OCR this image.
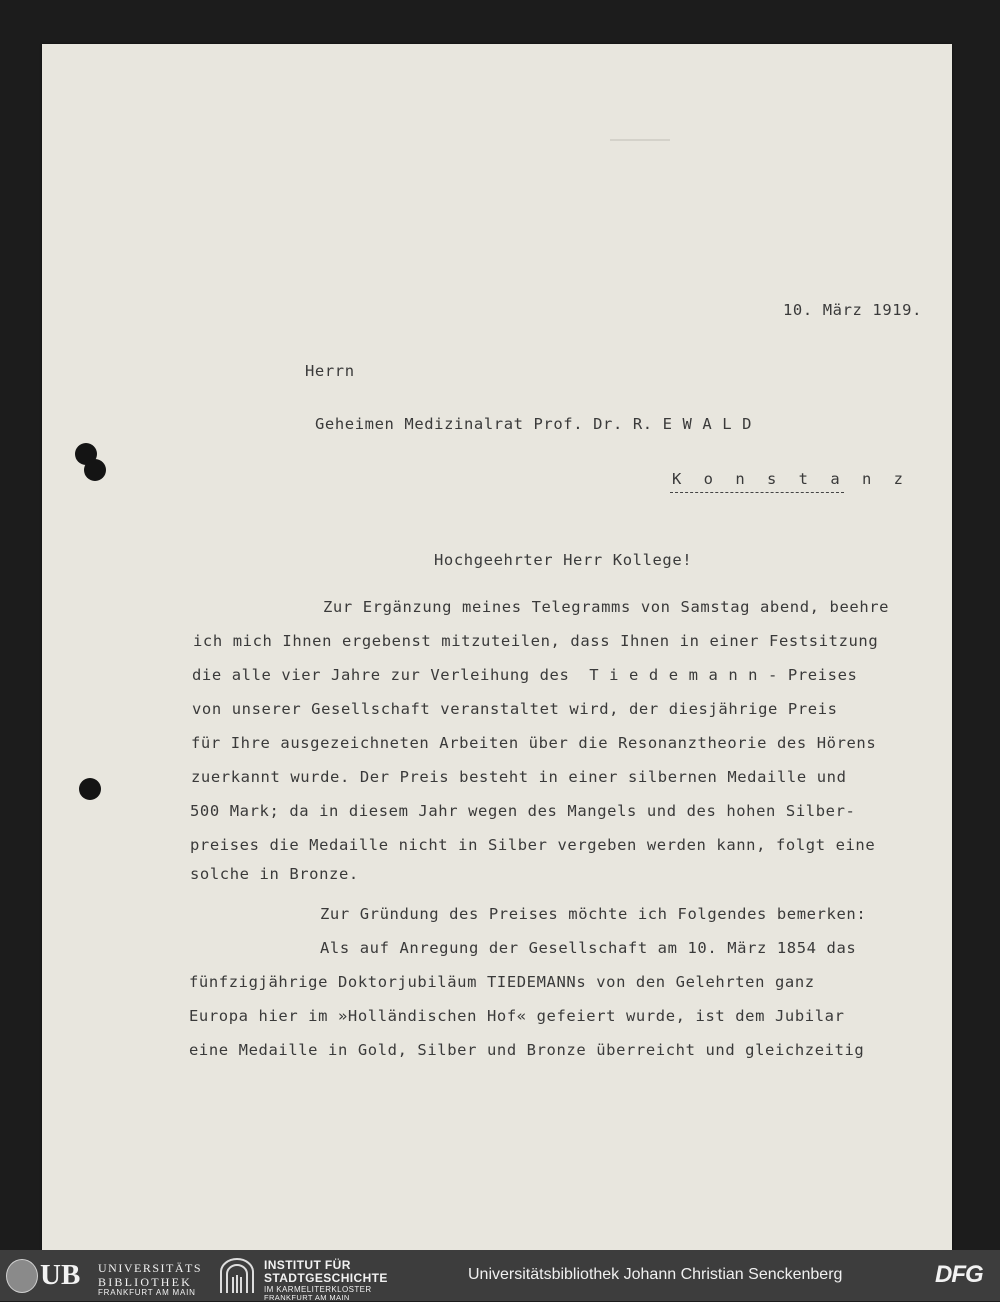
10. März 1919.
Herrn
Geheimen Medizinalrat Prof. Dr. R. E W A L D
K o n s t a n z
Hochgeehrter Herr Kollege!
Zur Ergänzung meines Telegramms von Samstag abend, beehre
ich mich Ihnen ergebenst mitzuteilen, dass Ihnen in einer Festsitzung
die alle vier Jahre zur Verleihung des  T i e d e m a n n - Preises
von unserer Gesellschaft veranstaltet wird, der diesjährige Preis
für Ihre ausgezeichneten Arbeiten über die Resonanztheorie des Hörens
zuerkannt wurde. Der Preis besteht in einer silbernen Medaille und
500 Mark; da in diesem Jahr wegen des Mangels und des hohen Silber-
preises die Medaille nicht in Silber vergeben werden kann, folgt eine
solche in Bronze.
Zur Gründung des Preises möchte ich Folgendes bemerken:
Als auf Anregung der Gesellschaft am 10. März 1854 das
fünfzigjährige Doktorjubiläum TIEDEMANNs von den Gelehrten ganz
Europa hier im »Holländischen Hof« gefeiert wurde, ist dem Jubilar
eine Medaille in Gold, Silber und Bronze überreicht und gleichzeitig
UB UNIVERSITÄTS
BIBLIOTHEK
FRANKFURT AM MAIN
INSTITUT FÜR
STADTGESCHICHTE
IM KARMELITERKLOSTER
FRANKFURT AM MAIN
Universitätsbibliothek Johann Christian Senckenberg	DFG
